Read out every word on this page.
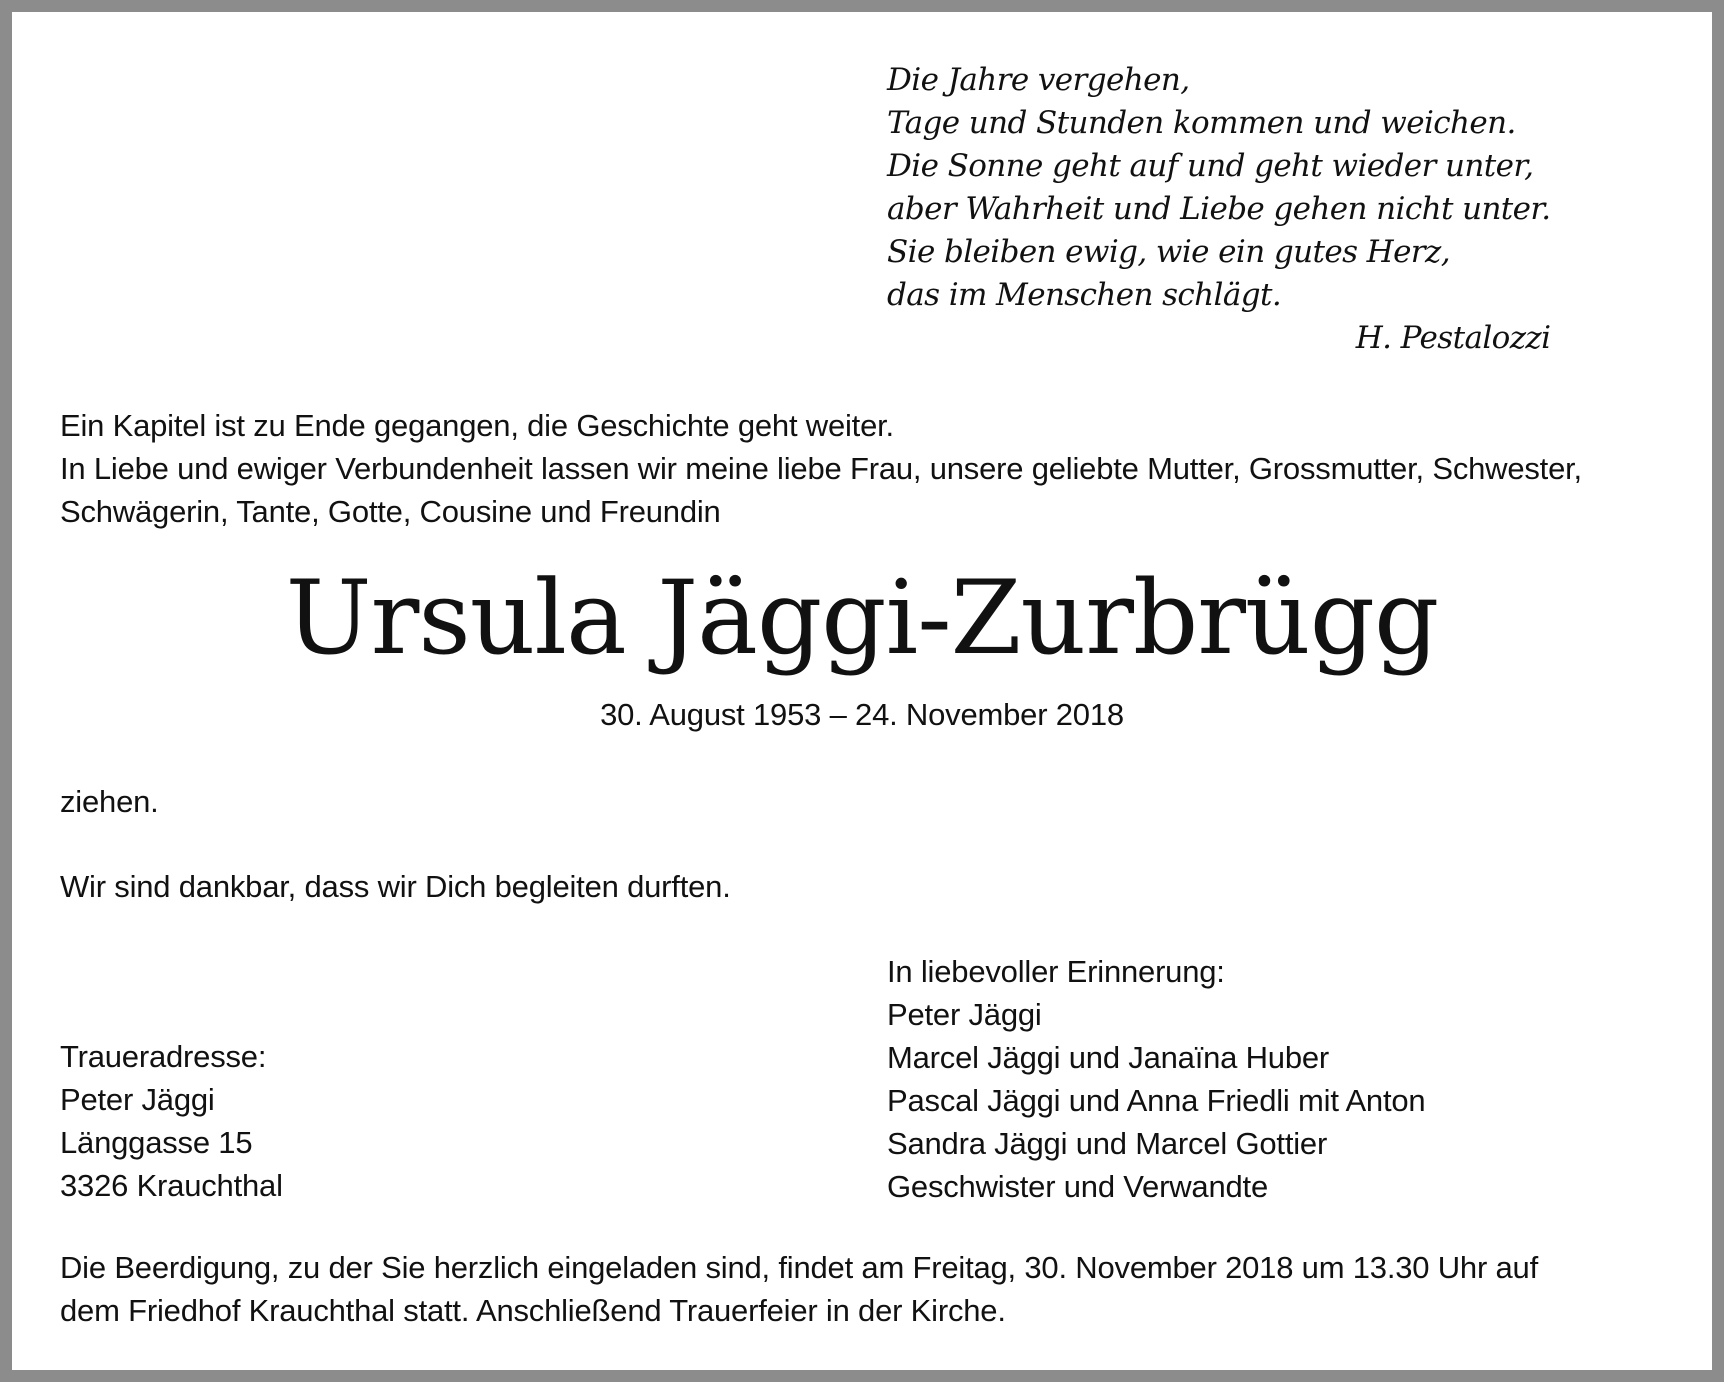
Die Jahre vergehen,
Tage und Stunden kommen und weichen.
Die Sonne geht auf und geht wieder unter,
aber Wahrheit und Liebe gehen nicht unter.
Sie bleiben ewig, wie ein gutes Herz,
das im Menschen schlägt.
H. Pestalozzi
Ein Kapitel ist zu Ende gegangen, die Geschichte geht weiter.
In Liebe und ewiger Verbundenheit lassen wir meine liebe Frau, unsere geliebte Mutter, Grossmutter, Schwester,
Schwägerin, Tante, Gotte, Cousine und Freundin
Ursula Jäggi-Zurbrügg
30. August 1953 – 24. November 2018
ziehen.
Wir sind dankbar, dass wir Dich begleiten durften.
In liebevoller Erinnerung:
Peter Jäggi
Marcel Jäggi und Janaïna Huber
Pascal Jäggi und Anna Friedli mit Anton
Sandra Jäggi und Marcel Gottier
Geschwister und Verwandte
Traueradresse:
Peter Jäggi
Länggasse 15
3326 Krauchthal
Die Beerdigung, zu der Sie herzlich eingeladen sind, findet am Freitag, 30. November 2018 um 13.30 Uhr auf
dem Friedhof Krauchthal statt. Anschließend Trauerfeier in der Kirche.
